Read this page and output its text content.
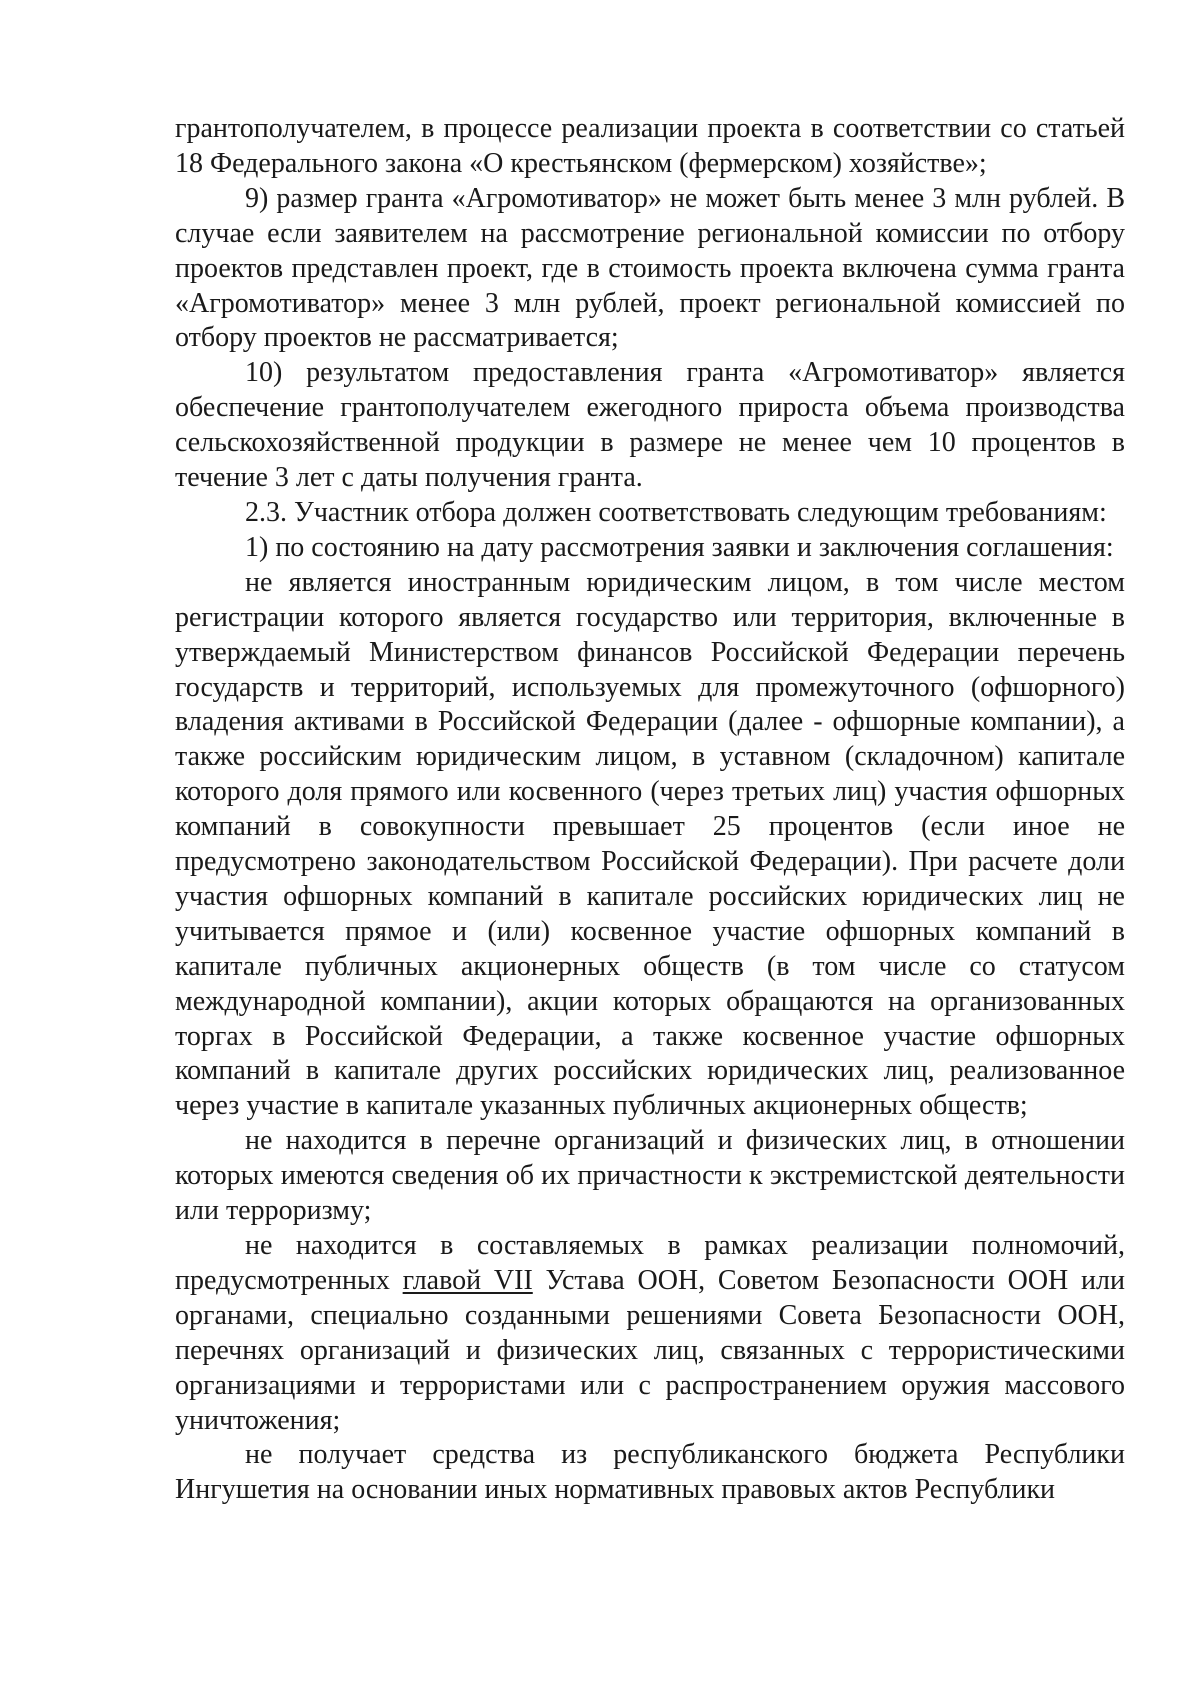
грантополучателем, в процессе реализации проекта в соответствии со статьей 18 Федерального закона «О крестьянском (фермерском) хозяйстве»;

9) размер гранта «Агромотиватор» не может быть менее 3 млн рублей. В случае если заявителем на рассмотрение региональной комиссии по отбору проектов представлен проект, где в стоимость проекта включена сумма гранта «Агромотиватор» менее 3 млн рублей, проект региональной комиссией по отбору проектов не рассматривается;

10) результатом предоставления гранта «Агромотиватор» является обеспечение грантополучателем ежегодного прироста объема производства сельскохозяйственной продукции в размере не менее чем 10 процентов в течение 3 лет с даты получения гранта.

2.3. Участник отбора должен соответствовать следующим требованиям:

1) по состоянию на дату рассмотрения заявки и заключения соглашения:

не является иностранным юридическим лицом, в том числе местом регистрации которого является государство или территория, включенные в утверждаемый Министерством финансов Российской Федерации перечень государств и территорий, используемых для промежуточного (офшорного) владения активами в Российской Федерации (далее - офшорные компании), а также российским юридическим лицом, в уставном (складочном) капитале которого доля прямого или косвенного (через третьих лиц) участия офшорных компаний в совокупности превышает 25 процентов (если иное не предусмотрено законодательством Российской Федерации). При расчете доли участия офшорных компаний в капитале российских юридических лиц не учитывается прямое и (или) косвенное участие офшорных компаний в капитале публичных акционерных обществ (в том числе со статусом международной компании), акции которых обращаются на организованных торгах в Российской Федерации, а также косвенное участие офшорных компаний в капитале других российских юридических лиц, реализованное через участие в капитале указанных публичных акционерных обществ;

не находится в перечне организаций и физических лиц, в отношении которых имеются сведения об их причастности к экстремистской деятельности или терроризму;

не находится в составляемых в рамках реализации полномочий, предусмотренных главой VII Устава ООН, Советом Безопасности ООН или органами, специально созданными решениями Совета Безопасности ООН, перечнях организаций и физических лиц, связанных с террористическими организациями и террористами или с распространением оружия массового уничтожения;

не получает средства из республиканского бюджета Республики Ингушетия на основании иных нормативных правовых актов Республики
